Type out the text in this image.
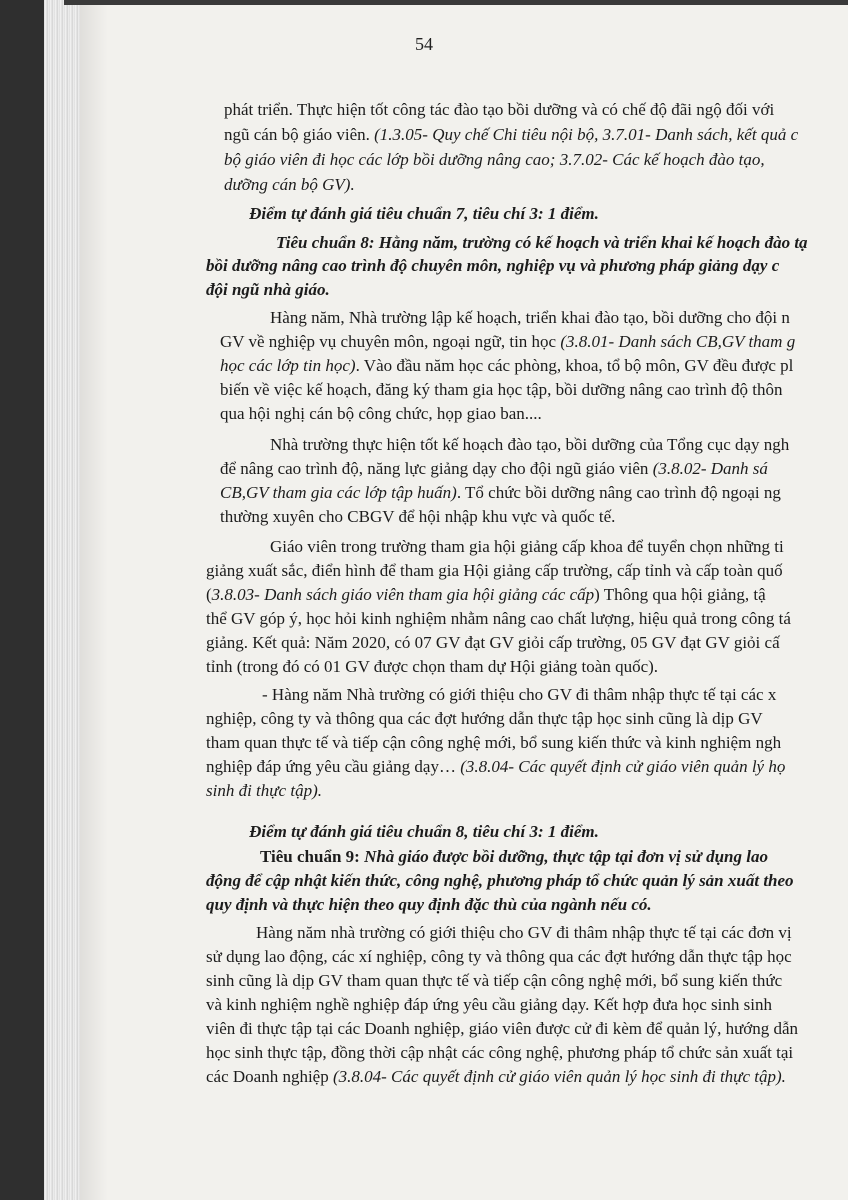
54
phát triển. Thực hiện tốt công tác đào tạo bồi dưỡng và có chế độ đãi ngộ đối với
ngũ cán bộ giáo viên. (1.3.05- Quy chế Chi tiêu nội bộ, 3.7.01- Danh sách, kết quả c
bộ giáo viên đi học các lớp bồi dưỡng nâng cao; 3.7.02- Các kế hoạch đào tạo,
dưỡng cán bộ GV).
Điểm tự đánh giá tiêu chuẩn 7, tiêu chí 3: 1 điểm.
Tiêu chuẩn 8: Hằng năm, trường có kế hoạch và triển khai kế hoạch đào tạ
bồi dưỡng nâng cao trình độ chuyên môn, nghiệp vụ và phương pháp giảng dạy c
đội ngũ nhà giáo.
Hàng năm, Nhà trường lập kế hoạch, triển khai đào tạo, bồi dưỡng cho đội n
GV về nghiệp vụ chuyên môn, ngoại ngữ, tin học (3.8.01- Danh sách CB,GV tham g
học các lớp tin học). Vào đầu năm học các phòng, khoa, tổ bộ môn, GV đều được pl
biến về việc kế hoạch, đăng ký tham gia học tập, bồi dưỡng nâng cao trình độ thôn
qua hội nghị cán bộ công chức, họp giao ban....
Nhà trường thực hiện tốt kế hoạch đào tạo, bồi dưỡng của Tổng cục dạy ngh
để nâng cao trình độ, năng lực giảng dạy cho đội ngũ giáo viên (3.8.02- Danh sá
CB,GV tham gia các lớp tập huấn). Tổ chức bồi dưỡng nâng cao trình độ ngoại ng
thường xuyên cho CBGV để hội nhập khu vực và quốc tế.
Giáo viên trong trường tham gia hội giảng cấp khoa để tuyển chọn những ti
giảng xuất sắc, điển hình để tham gia Hội giảng cấp trường, cấp tỉnh và cấp toàn quố
(3.8.03- Danh sách giáo viên tham gia hội giảng các cấp) Thông qua hội giảng, tậ
thể GV góp ý, học hỏi kinh nghiệm nhằm nâng cao chất lượng, hiệu quả trong công tá
giảng. Kết quả: Năm 2020, có 07 GV đạt GV giỏi cấp trường, 05 GV đạt GV giỏi cấ
tỉnh (trong đó có 01 GV được chọn tham dự Hội giảng toàn quốc).
- Hàng năm Nhà trường có giới thiệu cho GV đi thâm nhập thực tế tại các x
nghiệp, công ty và thông qua các đợt hướng dẫn thực tập học sinh cũng là dịp GV
tham quan thực tế và tiếp cận công nghệ mới, bổ sung kiến thức và kinh nghiệm ngh
nghiệp đáp ứng yêu cầu giảng dạy… (3.8.04- Các quyết định cử giáo viên quản lý họ
sinh đi thực tập).
Điểm tự đánh giá tiêu chuẩn 8, tiêu chí 3: 1 điểm.
Tiêu chuẩn 9: Nhà giáo được bồi dưỡng, thực tập tại đơn vị sử dụng lao
động để cập nhật kiến thức, công nghệ, phương pháp tổ chức quản lý sản xuất theo
quy định và thực hiện theo quy định đặc thù của ngành nếu có.
Hàng năm nhà trường có giới thiệu cho GV đi thâm nhập thực tế tại các đơn vị
sử dụng lao động, các xí nghiệp, công ty và thông qua các đợt hướng dẫn thực tập học
sinh cũng là dịp GV tham quan thực tế và tiếp cận công nghệ mới, bổ sung kiến thức
và kinh nghiệm nghề nghiệp đáp ứng yêu cầu giảng dạy. Kết hợp đưa học sinh sinh
viên đi thực tập tại các Doanh nghiệp, giáo viên được cử đi kèm để quản lý, hướng dẫn
học sinh thực tập, đồng thời cập nhật các công nghệ, phương pháp tổ chức sản xuất tại
các Doanh nghiệp (3.8.04- Các quyết định cử giáo viên quản lý học sinh đi thực tập).
